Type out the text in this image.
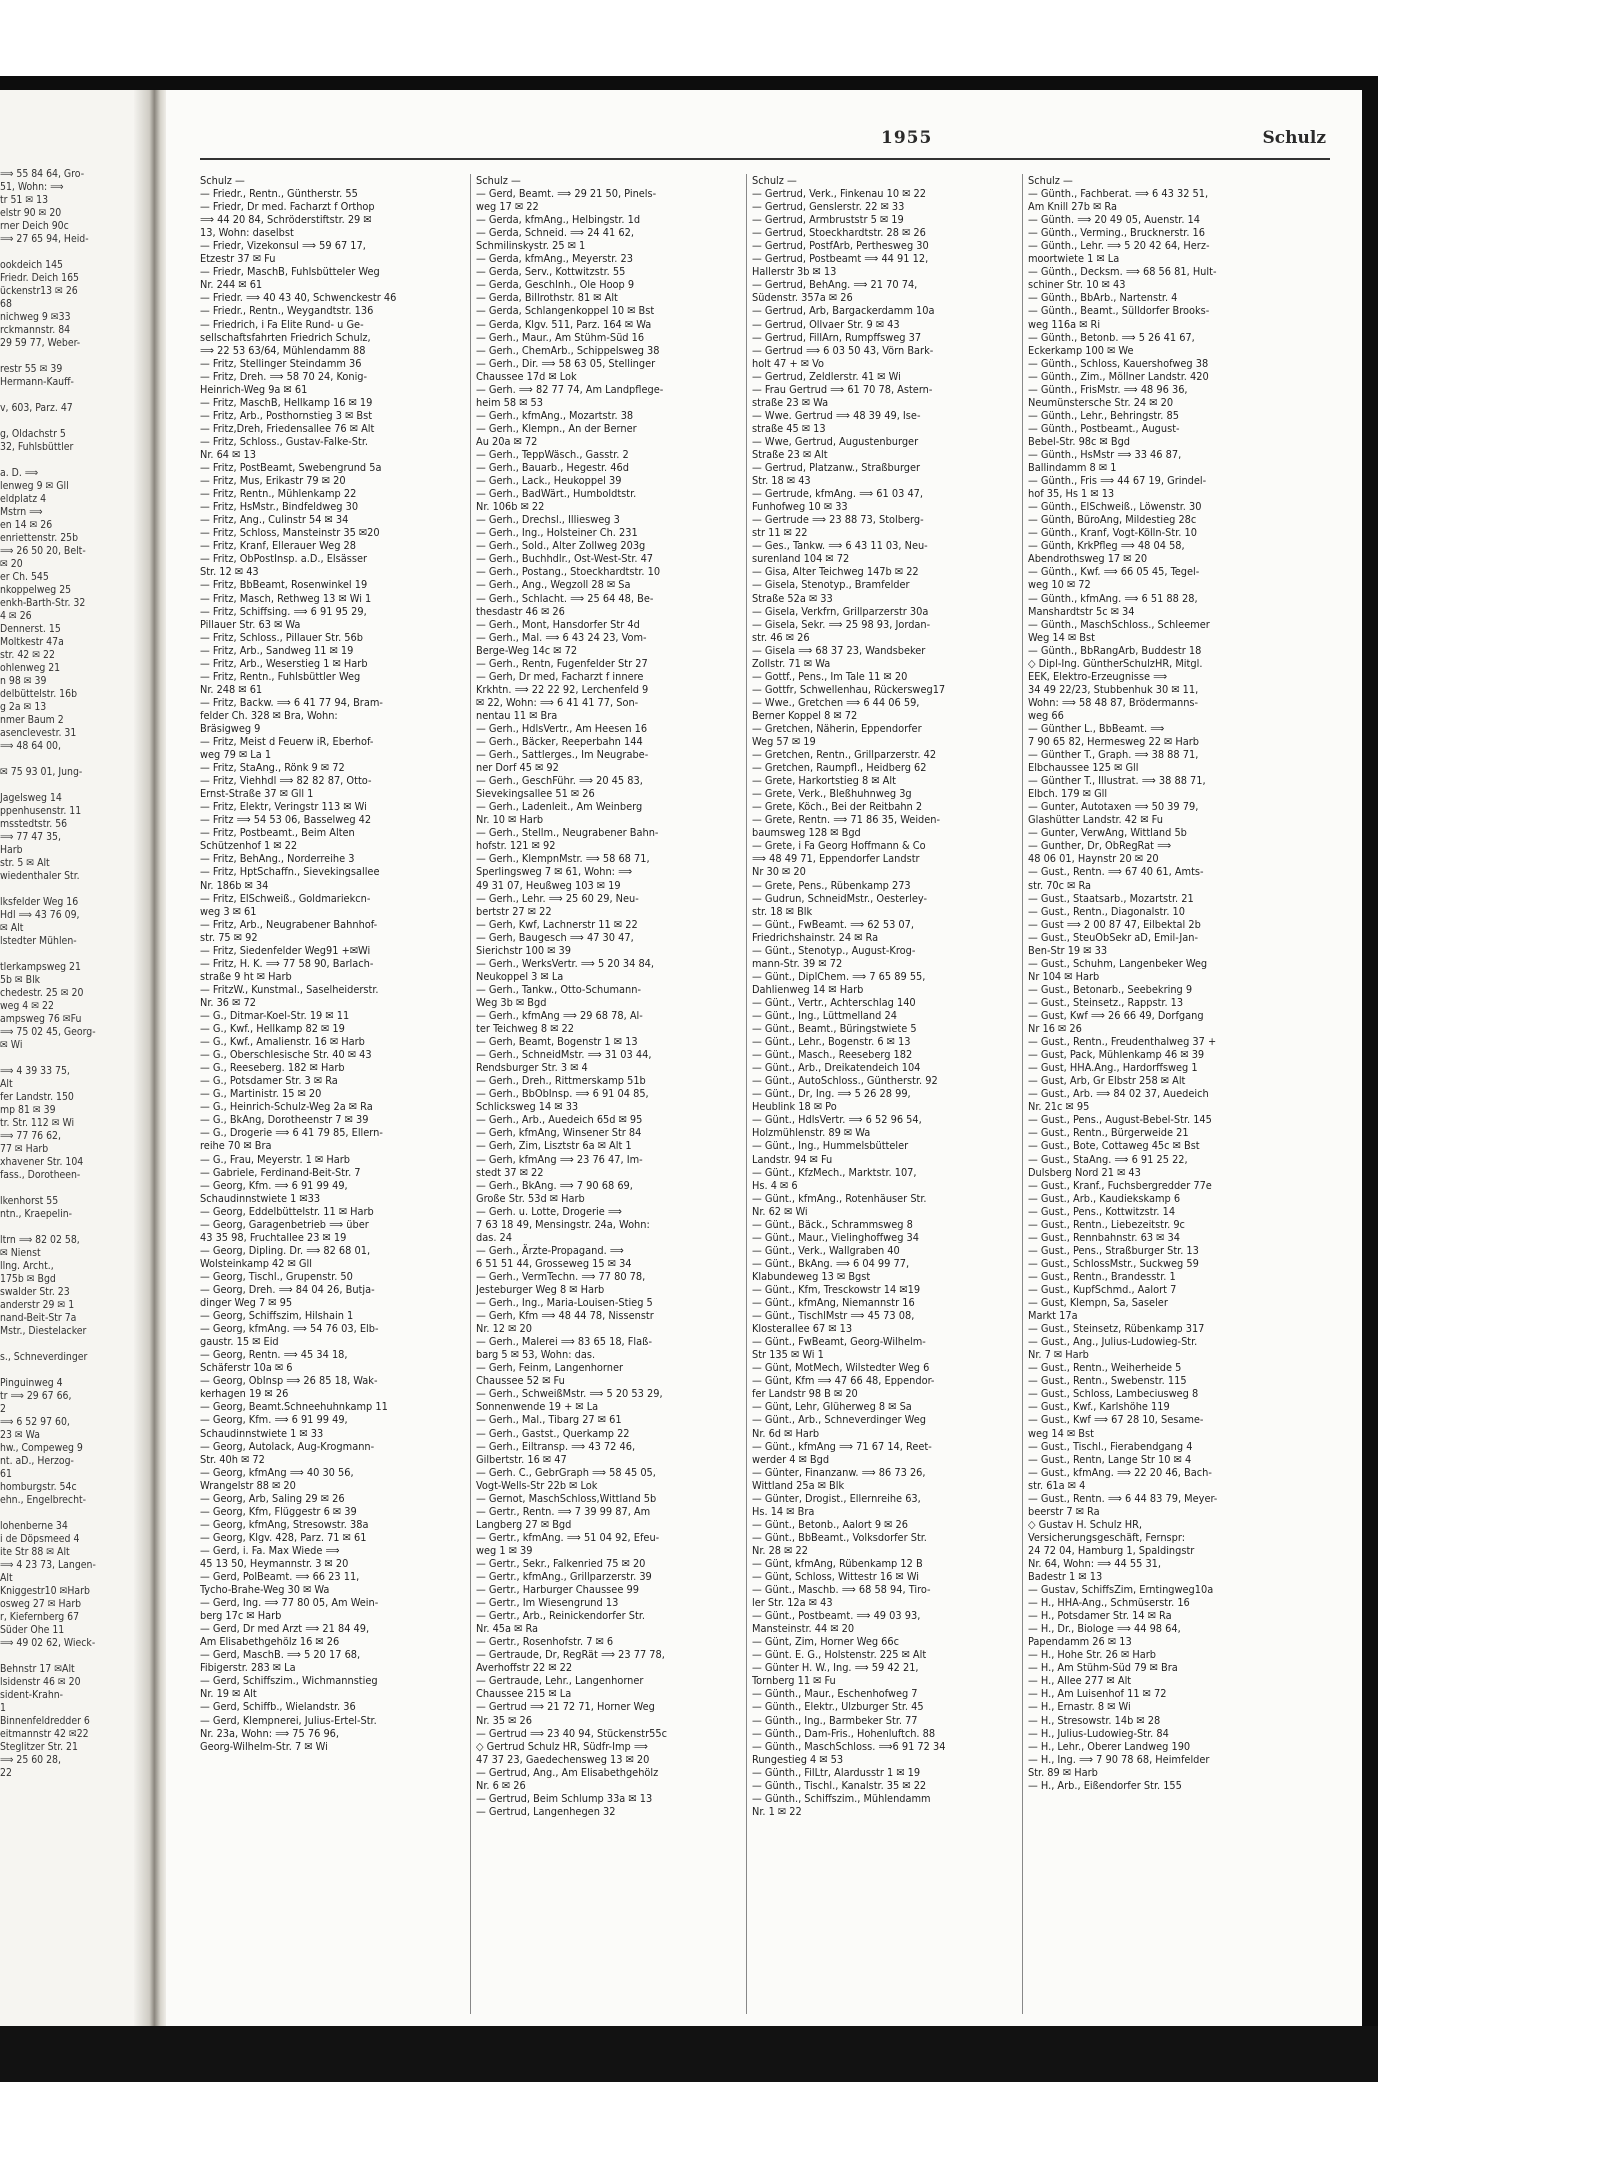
⟹ 55 84 64, Gro-
51, Wohn: ⟹
tr 51 ✉ 13
elstr 90 ✉ 20
rner Deich 90c
⟹ 27 65 94, Heid-
ookdeich 145
Friedr. Deich 165
ückenstr13 ✉ 26
68
nichweg 9 ✉33
rckmannstr. 84
29 59 77, Weber-
restr 55 ✉ 39
Hermann-Kauff-
v, 603, Parz. 47
g, Oldachstr 5
32, Fuhlsbüttler
a. D. ⟹
lenweg 9 ✉ Gll
eldplatz 4
Mstrn ⟹
en 14 ✉ 26
enriettenstr. 25b
⟹ 26 50 20, Belt-
✉ 20
er Ch. 545
nkoppelweg 25
enkh-Barth-Str. 32
4 ✉ 26
Dennerst. 15
Moltkestr 47a
str. 42 ✉ 22
ohlenweg 21
n 98 ✉ 39
delbüttelstr. 16b
g 2a ✉ 13
nmer Baum 2
asenclevestr. 31
⟹ 48 64 00,
✉ 75 93 01, Jung-
Jagelsweg 14
ppenhusenstr. 11
msstedtstr. 56
⟹ 77 47 35,
Harb
str. 5 ✉ Alt
wiedenthaler Str.
lksfelder Weg 16
Hdl ⟹ 43 76 09,
✉ Alt
lstedter Mühlen-
tlerkampsweg 21
5b ✉ Blk
chedestr. 25 ✉ 20
weg 4 ✉ 22
ampsweg 76 ✉Fu
⟹ 75 02 45, Georg-
✉ Wi
⟹ 4 39 33 75,
Alt
fer Landstr. 150
mp 81 ✉ 39
tr. Str. 112 ✉ Wi
⟹ 77 76 62,
77 ✉ Harb
xhavener Str. 104
fass., Dorotheen-
lkenhorst 55
ntn., Kraepelin-
ltrn ⟹ 82 02 58,
✉ Nienst
llng. Archt.,
175b ✉ Bgd
swalder Str. 23
anderstr 29 ✉ 1
nand-Beit-Str 7a
Mstr., Diestelacker
s., Schneverdinger
Pinguinweg 4
tr ⟹ 29 67 66,
2
⟹ 6 52 97 60,
23 ✉ Wa
hw., Compeweg 9
nt. aD., Herzog-
61
homburgstr. 54c
ehn., Engelbrecht-
lohenberne 34
i de Döpsmeed 4
ite Str 88 ✉ Alt
⟹ 4 23 73, Langen-
Alt
Kniggestr10 ✉Harb
osweg 27 ✉ Harb
r, Kiefernberg 67
Süder Ohe 11
⟹ 49 02 62, Wieck-
Behnstr 17 ✉Alt
lsidenstr 46 ✉ 20
sident-Krahn-
1
Binnenfeldredder 6
eitmannstr 42 ✉22
Steglitzer Str. 21
⟹ 25 60 28,
22
1955	Schulz
Schulz —
— Friedr., Rentn., Güntherstr. 55
— Friedr, Dr med. Facharzt f Orthop
⟹ 44 20 84, Schröderstiftstr. 29 ✉
13, Wohn: daselbst
— Friedr, Vizekonsul ⟹ 59 67 17,
Etzestr 37 ✉ Fu
— Friedr, MaschB, Fuhlsbütteler Weg
Nr. 244 ✉ 61
— Friedr. ⟹ 40 43 40, Schwenckestr 46
— Friedr., Rentn., Weygandtstr. 136
— Friedrich, i Fa Elite Rund- u Ge-
sellschaftsfahrten Friedrich Schulz,
⟹ 22 53 63/64, Mühlendamm 88
— Fritz, Stellinger Steindamm 36
— Fritz, Dreh. ⟹ 58 70 24, Konig-
Heinrich-Weg 9a ✉ 61
— Fritz, MaschB, Hellkamp 16 ✉ 19
— Fritz, Arb., Posthornstieg 3 ✉ Bst
— Fritz,Dreh, Friedensallee 76 ✉ Alt
— Fritz, Schloss., Gustav-Falke-Str.
Nr. 64 ✉ 13
— Fritz, PostBeamt, Swebengrund 5a
— Fritz, Mus, Erikastr 79 ✉ 20
— Fritz, Rentn., Mühlenkamp 22
— Fritz, HsMstr., Bindfeldweg 30
— Fritz, Ang., Culinstr 54 ✉ 34
— Fritz, Schloss, Mansteinstr 35 ✉20
— Fritz, Kranf, Ellerauer Weg 28
— Fritz, ObPostInsp. a.D., Elsässer
Str. 12 ✉ 43
— Fritz, BbBeamt, Rosenwinkel 19
— Fritz, Masch, Rethweg 13 ✉ Wi 1
— Fritz, Schiffsing. ⟹ 6 91 95 29,
Pillauer Str. 63 ✉ Wa
— Fritz, Schloss., Pillauer Str. 56b
— Fritz, Arb., Sandweg 11 ✉ 19
— Fritz, Arb., Weserstieg 1 ✉ Harb
— Fritz, Rentn., Fuhlsbüttler Weg
Nr. 248 ✉ 61
— Fritz, Backw. ⟹ 6 41 77 94, Bram-
felder Ch. 328 ✉ Bra, Wohn:
Bräsigweg 9
— Fritz, Meist d Feuerw iR, Eberhof-
weg 79 ✉ La 1
— Fritz, StaAng., Rönk 9 ✉ 72
— Fritz, Viehhdl ⟹ 82 82 87, Otto-
Ernst-Straße 37 ✉ Gll 1
— Fritz, Elektr, Veringstr 113 ✉ Wi
— Fritz ⟹ 54 53 06, Basselweg 42
— Fritz, Postbeamt., Beim Alten
Schützenhof 1 ✉ 22
— Fritz, BehAng., Norderreihe 3
— Fritz, HptSchaffn., Sievekingsallee
Nr. 186b ✉ 34
— Fritz, ElSchweiß., Goldmariekcn-
weg 3 ✉ 61
— Fritz, Arb., Neugrabener Bahnhof-
str. 75 ✉ 92
— Fritz, Siedenfelder Weg91 +✉Wi
— Fritz, H. K. ⟹ 77 58 90, Barlach-
straße 9 ht ✉ Harb
— FritzW., Kunstmal., Saselheiderstr.
Nr. 36 ✉ 72
— G., Ditmar-Koel-Str. 19 ✉ 11
— G., Kwf., Hellkamp 82 ✉ 19
— G., Kwf., Amalienstr. 16 ✉ Harb
— G., Oberschlesische Str. 40 ✉ 43
— G., Reeseberg. 182 ✉ Harb
— G., Potsdamer Str. 3 ✉ Ra
— G., Martinistr. 15 ✉ 20
— G., Heinrich-Schulz-Weg 2a ✉ Ra
— G., BkAng, Dorotheenstr 7 ✉ 39
— G., Drogerie ⟹ 6 41 79 85, Ellern-
reihe 70 ✉ Bra
— G., Frau, Meyerstr. 1 ✉ Harb
— Gabriele, Ferdinand-Beit-Str. 7
— Georg, Kfm. ⟹ 6 91 99 49,
Schaudinnstwiete 1 ✉33
— Georg, Eddelbüttelstr. 11 ✉ Harb
— Georg, Garagenbetrieb ⟹ über
43 35 98, Fruchtallee 23 ✉ 19
— Georg, Dipling. Dr. ⟹ 82 68 01,
Wolsteinkamp 42 ✉ Gll
— Georg, Tischl., Grupenstr. 50
— Georg, Dreh. ⟹ 84 04 26, Butja-
dinger Weg 7 ✉ 95
— Georg, Schiffszim, Hilshain 1
— Georg, kfmAng. ⟹ 54 76 03, Elb-
gaustr. 15 ✉ Eid
— Georg, Rentn. ⟹ 45 34 18,
Schäferstr 10a ✉ 6
— Georg, ObInsp ⟹ 26 85 18, Wak-
kerhagen 19 ✉ 26
— Georg, Beamt.Schneehuhnkamp 11
— Georg, Kfm. ⟹ 6 91 99 49,
Schaudinnstwiete 1 ✉ 33
— Georg, Autolack, Aug-Krogmann-
Str. 40h ✉ 72
— Georg, kfmAng ⟹ 40 30 56,
Wrangelstr 88 ✉ 20
— Georg, Arb, Saling 29 ✉ 26
— Georg, Kfm, Flüggestr 6 ✉ 39
— Georg, kfmAng, Stresowstr. 38a
— Georg, Klgv. 428, Parz. 71 ✉ 61
— Gerd, i. Fa. Max Wiede ⟹
45 13 50, Heymannstr. 3 ✉ 20
— Gerd, PolBeamt. ⟹ 66 23 11,
Tycho-Brahe-Weg 30 ✉ Wa
— Gerd, Ing. ⟹ 77 80 05, Am Wein-
berg 17c ✉ Harb
— Gerd, Dr med Arzt ⟹ 21 84 49,
Am Elisabethgehölz 16 ✉ 26
— Gerd, MaschB. ⟹ 5 20 17 68,
Fibigerstr. 283 ✉ La
— Gerd, Schiffszim., Wichmannstieg
Nr. 19 ✉ Alt
— Gerd, Schiffb., Wielandstr. 36
— Gerd, Klempnerei, Julius-Ertel-Str.
Nr. 23a, Wohn: ⟹ 75 76 96,
Georg-Wilhelm-Str. 7 ✉ Wi
Schulz —
— Gerd, Beamt. ⟹ 29 21 50, Pinels-
weg 17 ✉ 22
— Gerda, kfmAng., Helbingstr. 1d
— Gerda, Schneid. ⟹ 24 41 62,
Schmilinskystr. 25 ✉ 1
— Gerda, kfmAng., Meyerstr. 23
— Gerda, Serv., Kottwitzstr. 55
— Gerda, Geschlnh., Ole Hoop 9
— Gerda, Billrothstr. 81 ✉ Alt
— Gerda, Schlangenkoppel 10 ✉ Bst
— Gerda, Klgv. 511, Parz. 164 ✉ Wa
— Gerh., Maur., Am Stühm-Süd 16
— Gerh., ChemArb., Schippelsweg 38
— Gerh., Dir. ⟹ 58 63 05, Stellinger
Chaussee 17d ✉ Lok
— Gerh. ⟹ 82 77 74, Am Landpflege-
heim 58 ✉ 53
— Gerh., kfmAng., Mozartstr. 38
— Gerh., Klempn., An der Berner
Au 20a ✉ 72
— Gerh., TeppWäsch., Gasstr. 2
— Gerh., Bauarb., Hegestr. 46d
— Gerh., Lack., Heukoppel 39
— Gerh., BadWärt., Humboldtstr.
Nr. 106b ✉ 22
— Gerh., Drechsl., Illiesweg 3
— Gerh., Ing., Holsteiner Ch. 231
— Gerh., Sold., Alter Zollweg 203g
— Gerh., Buchhdlr., Ost-West-Str. 47
— Gerh., Postang., Stoeckhardtstr. 10
— Gerh., Ang., Wegzoll 28 ✉ Sa
— Gerh., Schlacht. ⟹ 25 64 48, Be-
thesdastr 46 ✉ 26
— Gerh., Mont, Hansdorfer Str 4d
— Gerh., Mal. ⟹ 6 43 24 23, Vom-
Berge-Weg 14c ✉ 72
— Gerh., Rentn, Fugenfelder Str 27
— Gerh, Dr med, Facharzt f innere
Krkhtn. ⟹ 22 22 92, Lerchenfeld 9
✉ 22, Wohn: ⟹ 6 41 41 77, Son-
nentau 11 ✉ Bra
— Gerh., HdlsVertr., Am Heesen 16
— Gerh., Bäcker, Reeperbahn 144
— Gerh., Sattlerges., Im Neugrabe-
ner Dorf 45 ✉ 92
— Gerh., GeschFühr. ⟹ 20 45 83,
Sievekingsallee 51 ✉ 26
— Gerh., Ladenleit., Am Weinberg
Nr. 10 ✉ Harb
— Gerh., Stellm., Neugrabener Bahn-
hofstr. 121 ✉ 92
— Gerh., KlempnMstr. ⟹ 58 68 71,
Sperlingsweg 7 ✉ 61, Wohn: ⟹
49 31 07, Heußweg 103 ✉ 19
— Gerh., Lehr. ⟹ 25 60 29, Neu-
bertstr 27 ✉ 22
— Gerh, Kwf, Lachnerstr 11 ✉ 22
— Gerh, Baugesch ⟹ 47 30 47,
Sierichstr 100 ✉ 39
— Gerh., WerksVertr. ⟹ 5 20 34 84,
Neukoppel 3 ✉ La
— Gerh., Tankw., Otto-Schumann-
Weg 3b ✉ Bgd
— Gerh., kfmAng ⟹ 29 68 78, Al-
ter Teichweg 8 ✉ 22
— Gerh, Beamt, Bogenstr 1 ✉ 13
— Gerh., SchneidMstr. ⟹ 31 03 44,
Rendsburger Str. 3 ✉ 4
— Gerh., Dreh., Rittmerskamp 51b
— Gerh., BbObInsp. ⟹ 6 91 04 85,
Schlicksweg 14 ✉ 33
— Gerh., Arb., Auedeich 65d ✉ 95
— Gerh, kfmAng, Winsener Str 84
— Gerh, Zim, Lisztstr 6a ✉ Alt 1
— Gerh, kfmAng ⟹ 23 76 47, Im-
stedt 37 ✉ 22
— Gerh., BkAng. ⟹ 7 90 68 69,
Große Str. 53d ✉ Harb
— Gerh. u. Lotte, Drogerie ⟹
7 63 18 49, Mensingstr. 24a, Wohn:
das. 24
— Gerh., Ärzte-Propagand. ⟹
6 51 51 44, Grosseweg 15 ✉ 34
— Gerh., VermTechn. ⟹ 77 80 78,
Jesteburger Weg 8 ✉ Harb
— Gerh., Ing., Maria-Louisen-Stieg 5
— Gerh, Kfm ⟹ 48 44 78, Nissenstr
Nr. 12 ✉ 20
— Gerh., Malerei ⟹ 83 65 18, Flaß-
barg 5 ✉ 53, Wohn: das.
— Gerh, Feinm, Langenhorner
Chaussee 52 ✉ Fu
— Gerh., SchweißMstr. ⟹ 5 20 53 29,
Sonnenwende 19 + ✉ La
— Gerh., Mal., Tibarg 27 ✉ 61
— Gerh., Gastst., Querkamp 22
— Gerh., Eiltransp. ⟹ 43 72 46,
Gilbertstr. 16 ✉ 47
— Gerh. C., GebrGraph ⟹ 58 45 05,
Vogt-Wells-Str 22b ✉ Lok
— Gernot, MaschSchloss,Wittland 5b
— Gertr., Rentn. ⟹ 7 39 99 87, Am
Langberg 27 ✉ Bgd
— Gertr., kfmAng. ⟹ 51 04 92, Efeu-
weg 1 ✉ 39
— Gertr., Sekr., Falkenried 75 ✉ 20
— Gertr., kfmAng., Grillparzerstr. 39
— Gertr., Harburger Chaussee 99
— Gertr., Im Wiesengrund 13
— Gertr., Arb., Reinickendorfer Str.
Nr. 45a ✉ Ra
— Gertr., Rosenhofstr. 7 ✉ 6
— Gertraude, Dr, RegRät ⟹ 23 77 78,
Averhoffstr 22 ✉ 22
— Gertraude, Lehr., Langenhorner
Chaussee 215 ✉ La
— Gertrud ⟹ 21 72 71, Horner Weg
Nr. 35 ✉ 26
— Gertrud ⟹ 23 40 94, Stückenstr55c
◇ Gertrud Schulz HR, Südfr-Imp ⟹
47 37 23, Gaedechensweg 13 ✉ 20
— Gertrud, Ang., Am Elisabethgehölz
Nr. 6 ✉ 26
— Gertrud, Beim Schlump 33a ✉ 13
— Gertrud, Langenhegen 32
Schulz —
— Gertrud, Verk., Finkenau 10 ✉ 22
— Gertrud, Genslerstr. 22 ✉ 33
— Gertrud, Armbruststr 5 ✉ 19
— Gertrud, Stoeckhardtstr. 28 ✉ 26
— Gertrud, PostfArb, Perthesweg 30
— Gertrud, Postbeamt ⟹ 44 91 12,
Hallerstr 3b ✉ 13
— Gertrud, BehAng. ⟹ 21 70 74,
Südenstr. 357a ✉ 26
— Gertrud, Arb, Bargackerdamm 10a
— Gertrud, Ollvaer Str. 9 ✉ 43
— Gertrud, FillArn, Rumpffsweg 37
— Gertrud ⟹ 6 03 50 43, Vörn Bark-
holt 47 + ✉ Vo
— Gertrud, Zeldlerstr. 41 ✉ Wi
— Frau Gertrud ⟹ 61 70 78, Astern-
straße 23 ✉ Wa
— Wwe. Gertrud ⟹ 48 39 49, Ise-
straße 45 ✉ 13
— Wwe, Gertrud, Augustenburger
Straße 23 ✉ Alt
— Gertrud, Platzanw., Straßburger
Str. 18 ✉ 43
— Gertrude, kfmAng. ⟹ 61 03 47,
Funhofweg 10 ✉ 33
— Gertrude ⟹ 23 88 73, Stolberg-
str 11 ✉ 22
— Ges., Tankw. ⟹ 6 43 11 03, Neu-
surenland 104 ✉ 72
— Gisa, Alter Teichweg 147b ✉ 22
— Gisela, Stenotyp., Bramfelder
Straße 52a ✉ 33
— Gisela, Verkfrn, Grillparzerstr 30a
— Gisela, Sekr. ⟹ 25 98 93, Jordan-
str. 46 ✉ 26
— Gisela ⟹ 68 37 23, Wandsbeker
Zollstr. 71 ✉ Wa
— Gottf., Pens., Im Tale 11 ✉ 20
— Gottfr, Schwellenhau, Rückersweg17
— Wwe., Gretchen ⟹ 6 44 06 59,
Berner Koppel 8 ✉ 72
— Gretchen, Näherin, Eppendorfer
Weg 57 ✉ 19
— Gretchen, Rentn., Grillparzerstr. 42
— Gretchen, Raumpfl., Heidberg 62
— Grete, Harkortstieg 8 ✉ Alt
— Grete, Verk., Bleßhuhnweg 3g
— Grete, Köch., Bei der Reitbahn 2
— Grete, Rentn. ⟹ 71 86 35, Weiden-
baumsweg 128 ✉ Bgd
— Grete, i Fa Georg Hoffmann & Co
⟹ 48 49 71, Eppendorfer Landstr
Nr 30 ✉ 20
— Grete, Pens., Rübenkamp 273
— Gudrun, SchneidMstr., Oesterley-
str. 18 ✉ Blk
— Günt., FwBeamt. ⟹ 62 53 07,
Friedrichshainstr. 24 ✉ Ra
— Günt., Stenotyp., August-Krog-
mann-Str. 39 ✉ 72
— Günt., DiplChem. ⟹ 7 65 89 55,
Dahlienweg 14 ✉ Harb
— Günt., Vertr., Achterschlag 140
— Günt., Ing., Lüttmelland 24
— Günt., Beamt., Büringstwiete 5
— Günt., Lehr., Bogenstr. 6 ✉ 13
— Günt., Masch., Reeseberg 182
— Günt., Arb., Dreikatendeich 104
— Günt., AutoSchloss., Güntherstr. 92
— Günt., Dr, Ing. ⟹ 5 26 28 99,
Heublink 18 ✉ Po
— Günt., HdlsVertr. ⟹ 6 52 96 54,
Holzmühlenstr. 89 ✉ Wa
— Günt., Ing., Hummelsbütteler
Landstr. 94 ✉ Fu
— Günt., KfzMech., Marktstr. 107,
Hs. 4 ✉ 6
— Günt., kfmAng., Rotenhäuser Str.
Nr. 62 ✉ Wi
— Günt., Bäck., Schrammsweg 8
— Günt., Maur., Vielinghoffweg 34
— Günt., Verk., Wallgraben 40
— Günt., BkAng. ⟹ 6 04 99 77,
Klabundeweg 13 ✉ Bgst
— Günt., Kfm, Tresckowstr 14 ✉19
— Günt., kfmAng, Niemannstr 16
— Günt., TischlMstr ⟹ 45 73 08,
Klosterallee 67 ✉ 13
— Günt., FwBeamt, Georg-Wilhelm-
Str 135 ✉ Wi 1
— Günt, MotMech, Wilstedter Weg 6
— Günt, Kfm ⟹ 47 66 48, Eppendor-
fer Landstr 98 B ✉ 20
— Günt, Lehr, Glüherweg 8 ✉ Sa
— Günt., Arb., Schneverdinger Weg
Nr. 6d ✉ Harb
— Günt., kfmAng ⟹ 71 67 14, Reet-
werder 4 ✉ Bgd
— Günter, Finanzanw. ⟹ 86 73 26,
Wittland 25a ✉ Blk
— Günter, Drogist., Ellernreihe 63,
Hs. 14 ✉ Bra
— Günt., Betonb., Aalort 9 ✉ 26
— Günt., BbBeamt., Volksdorfer Str.
Nr. 28 ✉ 22
— Günt, kfmAng, Rübenkamp 12 B
— Günt, Schloss, Wittestr 16 ✉ Wi
— Günt., Maschb. ⟹ 68 58 94, Tiro-
ler Str. 12a ✉ 43
— Günt., Postbeamt. ⟹ 49 03 93,
Mansteinstr. 44 ✉ 20
— Günt, Zim, Horner Weg 66c
— Günt. E. G., Holstenstr. 225 ✉ Alt
— Günter H. W., Ing. ⟹ 59 42 21,
Tornberg 11 ✉ Fu
— Günth., Maur., Eschenhofweg 7
— Günth., Elektr., Ulzburger Str. 45
— Günth., Ing., Barmbeker Str. 77
— Günth., Dam-Fris., Hohenluftch. 88
— Günth., MaschSchloss. ⟹6 91 72 34
Rungestieg 4 ✉ 53
— Günth., FilLtr, Alardusstr 1 ✉ 19
— Günth., Tischl., Kanalstr. 35 ✉ 22
— Günth., Schiffszim., Mühlendamm
Nr. 1 ✉ 22
Schulz —
— Günth., Fachberat. ⟹ 6 43 32 51,
Am Knill 27b ✉ Ra
— Günth. ⟹ 20 49 05, Auenstr. 14
— Günth., Verming., Brucknerstr. 16
— Günth., Lehr. ⟹ 5 20 42 64, Herz-
moortwiete 1 ✉ La
— Günth., Decksm. ⟹ 68 56 81, Hult-
schiner Str. 10 ✉ 43
— Günth., BbArb., Nartenstr. 4
— Günth., Beamt., Sülldorfer Brooks-
weg 116a ✉ Ri
— Günth., Betonb. ⟹ 5 26 41 67,
Eckerkamp 100 ✉ We
— Günth., Schloss, Kauershofweg 38
— Günth., Zim., Möllner Landstr. 420
— Günth., FrisMstr. ⟹ 48 96 36,
Neumünstersche Str. 24 ✉ 20
— Günth., Lehr., Behringstr. 85
— Günth., Postbeamt., August-
Bebel-Str. 98c ✉ Bgd
— Günth., HsMstr ⟹ 33 46 87,
Ballindamm 8 ✉ 1
— Günth., Fris ⟹ 44 67 19, Grindel-
hof 35, Hs 1 ✉ 13
— Günth., ElSchweiß., Löwenstr. 30
— Günth, BüroAng, Mildestieg 28c
— Günth., Kranf, Vogt-Kölln-Str. 10
— Günth, KrkPfleg ⟹ 48 04 58,
Abendrothsweg 17 ✉ 20
— Günth., Kwf. ⟹ 66 05 45, Tegel-
weg 10 ✉ 72
— Günth., kfmAng. ⟹ 6 51 88 28,
Manshardtstr 5c ✉ 34
— Günth., MaschSchloss., Schleemer
Weg 14 ✉ Bst
— Günth., BbRangArb, Buddestr 18
◇ Dipl-Ing. GüntherSchulzHR, Mitgl.
EEK, Elektro-Erzeugnisse ⟹
34 49 22/23, Stubbenhuk 30 ✉ 11,
Wohn: ⟹ 58 48 87, Brödermanns-
weg 66
— Günther L., BbBeamt. ⟹
7 90 65 82, Hermesweg 22 ✉ Harb
— Günther T., Graph. ⟹ 38 88 71,
Elbchaussee 125 ✉ Gll
— Günther T., Illustrat. ⟹ 38 88 71,
Elbch. 179 ✉ Gll
— Gunter, Autotaxen ⟹ 50 39 79,
Glashütter Landstr. 42 ✉ Fu
— Gunter, VerwAng, Wittland 5b
— Gunther, Dr, ObRegRat ⟹
48 06 01, Haynstr 20 ✉ 20
— Gust., Rentn. ⟹ 67 40 61, Amts-
str. 70c ✉ Ra
— Gust., Staatsarb., Mozartstr. 21
— Gust., Rentn., Diagonalstr. 10
— Gust ⟹ 2 00 87 47, Eilbektal 2b
— Gust., SteuObSekr aD, Emil-Jan-
Ben-Str 19 ✉ 33
— Gust., Schuhm, Langenbeker Weg
Nr 104 ✉ Harb
— Gust., Betonarb., Seebekring 9
— Gust., Steinsetz., Rappstr. 13
— Gust, Kwf ⟹ 26 66 49, Dorfgang
Nr 16 ✉ 26
— Gust., Rentn., Freudenthalweg 37 +
— Gust, Pack, Mühlenkamp 46 ✉ 39
— Gust, HHA.Ang., Hardorffsweg 1
— Gust, Arb, Gr Elbstr 258 ✉ Alt
— Gust., Arb. ⟹ 84 02 37, Auedeich
Nr. 21c ✉ 95
— Gust., Pens., August-Bebel-Str. 145
— Gust., Rentn., Bürgerweide 21
— Gust., Bote, Cottaweg 45c ✉ Bst
— Gust., StaAng. ⟹ 6 91 25 22,
Dulsberg Nord 21 ✉ 43
— Gust., Kranf., Fuchsbergredder 77e
— Gust., Arb., Kaudiekskamp 6
— Gust., Pens., Kottwitzstr. 14
— Gust., Rentn., Liebezeitstr. 9c
— Gust., Rennbahnstr. 63 ✉ 34
— Gust., Pens., Straßburger Str. 13
— Gust., SchlossMstr., Suckweg 59
— Gust., Rentn., Brandesstr. 1
— Gust., KupfSchmd., Aalort 7
— Gust, Klempn, Sa, Saseler
Markt 17a
— Gust., Steinsetz, Rübenkamp 317
— Gust., Ang., Julius-Ludowieg-Str.
Nr. 7 ✉ Harb
— Gust., Rentn., Weiherheide 5
— Gust., Rentn., Swebenstr. 115
— Gust., Schloss, Lambeciusweg 8
— Gust., Kwf., Karlshöhe 119
— Gust., Kwf ⟹ 67 28 10, Sesame-
weg 14 ✉ Bst
— Gust., Tischl., Fierabendgang 4
— Gust., Rentn, Lange Str 10 ✉ 4
— Gust., kfmAng. ⟹ 22 20 46, Bach-
str. 61a ✉ 4
— Gust., Rentn. ⟹ 6 44 83 79, Meyer-
beerstr 7 ✉ Ra
◇ Gustav H. Schulz HR,
Versicherungsgeschäft, Fernspr:
24 72 04, Hamburg 1, Spaldingstr
Nr. 64, Wohn: ⟹ 44 55 31,
Badestr 1 ✉ 13
— Gustav, SchiffsZim, Erntingweg10a
— H., HHA-Ang., Schmüserstr. 16
— H., Potsdamer Str. 14 ✉ Ra
— H., Dr., Biologe ⟹ 44 98 64,
Papendamm 26 ✉ 13
— H., Hohe Str. 26 ✉ Harb
— H., Am Stühm-Süd 79 ✉ Bra
— H., Allee 277 ✉ Alt
— H., Am Luisenhof 11 ✉ 72
— H., Ernastr. 8 ✉ Wi
— H., Stresowstr. 14b ✉ 28
— H., Julius-Ludowieg-Str. 84
— H., Lehr., Oberer Landweg 190
— H., Ing. ⟹ 7 90 78 68, Heimfelder
Str. 89 ✉ Harb
— H., Arb., Eißendorfer Str. 155
